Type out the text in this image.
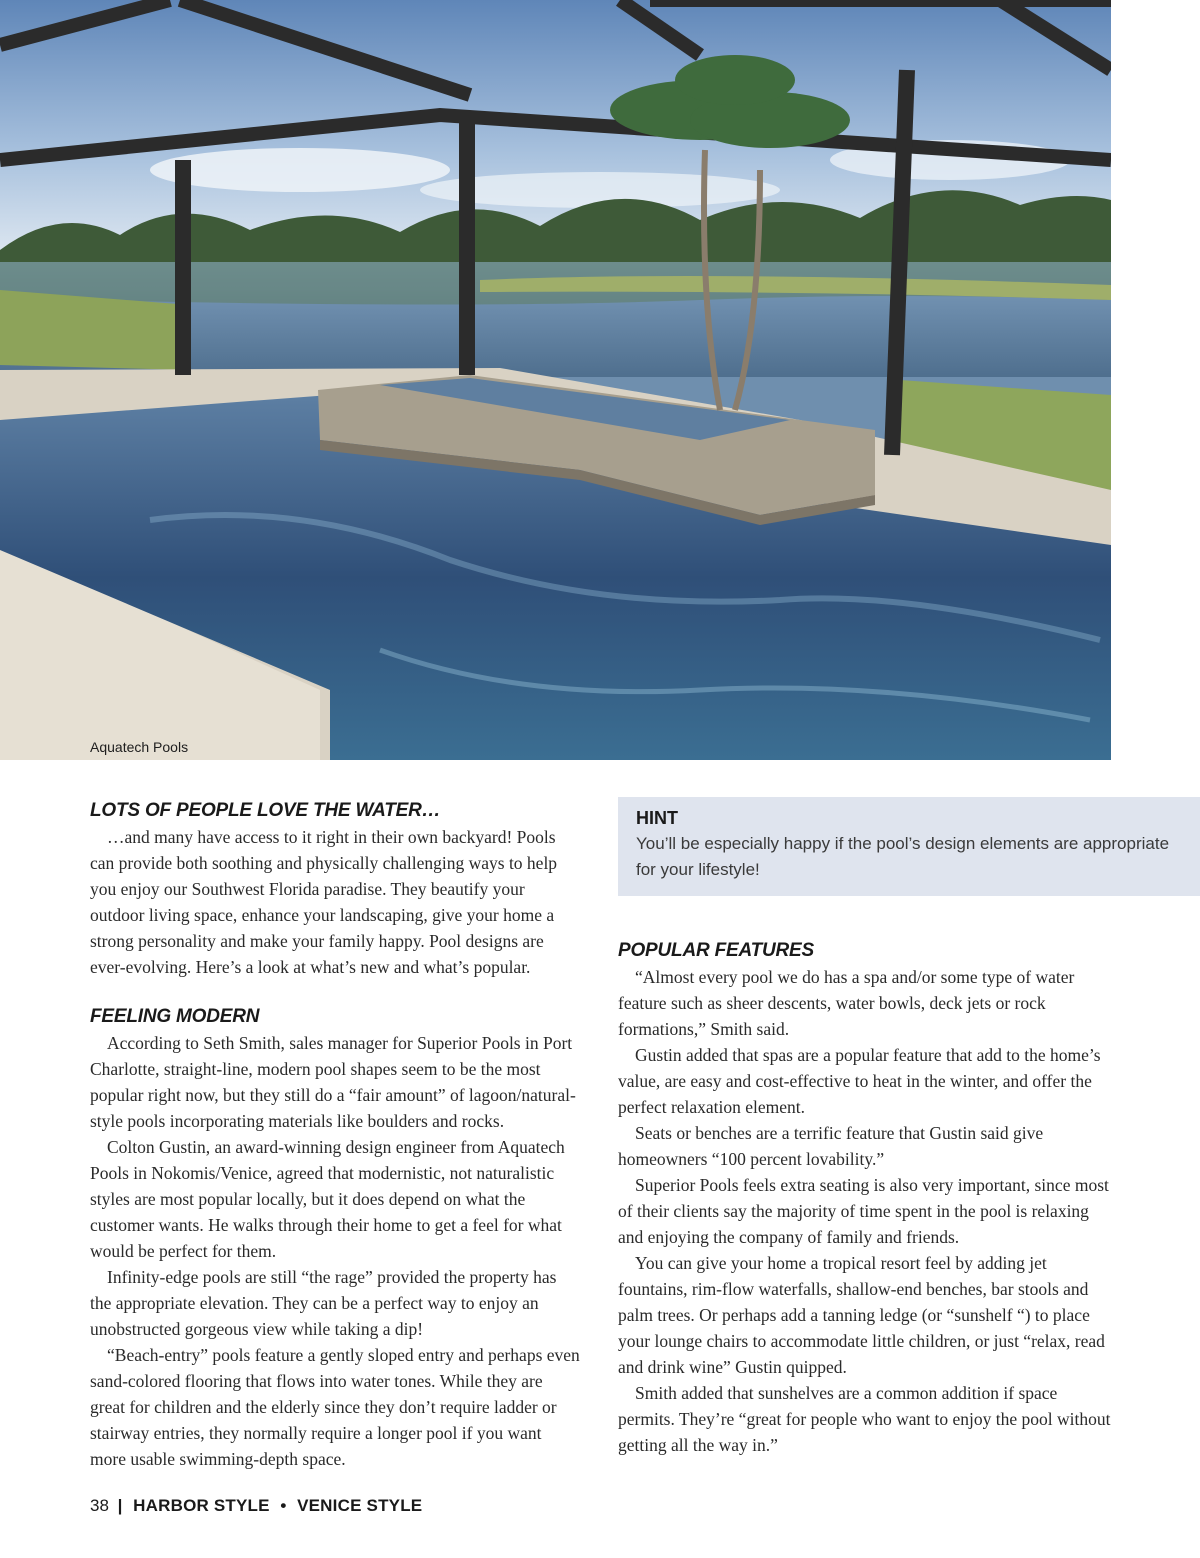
Aquatech Pools
LOTS OF PEOPLE LOVE THE WATER…

…and many have access to it right in their own backyard! Pools can provide both soothing and physically challenging ways to help you enjoy our Southwest Florida paradise. They beautify your outdoor living space, enhance your landscaping, give your home a strong personality and make your family happy. Pool designs are ever-evolving. Here’s a look at what’s new and what’s popular.

FEELING MODERN

According to Seth Smith, sales manager for Superior Pools in Port Charlotte, straight-line, modern pool shapes seem to be the most popular right now, but they still do a “fair amount” of lagoon/natural-style pools incorporating materials like boulders and rocks.

Colton Gustin, an award-winning design engineer from Aquatech Pools in Nokomis/Venice, agreed that modernistic, not naturalistic styles are most popular locally, but it does depend on what the customer wants. He walks through their home to get a feel for what would be perfect for them.

Infinity-edge pools are still “the rage” provided the property has the appropriate elevation. They can be a perfect way to enjoy an unobstructed gorgeous view while taking a dip!

“Beach-entry” pools feature a gently sloped entry and perhaps even sand-colored flooring that flows into water tones. While they are great for children and the elderly since they don’t require ladder or stairway entries, they normally require a longer pool if you want more usable swimming-depth space.

HINT

You’ll be especially happy if the pool’s design elements are appropriate for your lifestyle!

POPULAR FEATURES

“Almost every pool we do has a spa and/or some type of water feature such as sheer descents, water bowls, deck jets or rock formations,” Smith said.

Gustin added that spas are a popular feature that add to the home’s value, are easy and cost-effective to heat in the winter, and offer the perfect relaxation element.

Seats or benches are a terrific feature that Gustin said give homeowners “100 percent lovability.”

Superior Pools feels extra seating is also very important, since most of their clients say the majority of time spent in the pool is relaxing and enjoying the company of family and friends.

You can give your home a tropical resort feel by adding jet fountains, rim-flow waterfalls, shallow-end benches, bar stools and palm trees. Or perhaps add a tanning ledge (or “sunshelf “) to place your lounge chairs to accommodate little children, or just “relax, read and drink wine” Gustin quipped.

Smith added that sunshelves are a common addition if space permits. They’re “great for people who want to enjoy the pool without getting all the way in.”

38 | HARBOR STYLE • VENICE STYLE
